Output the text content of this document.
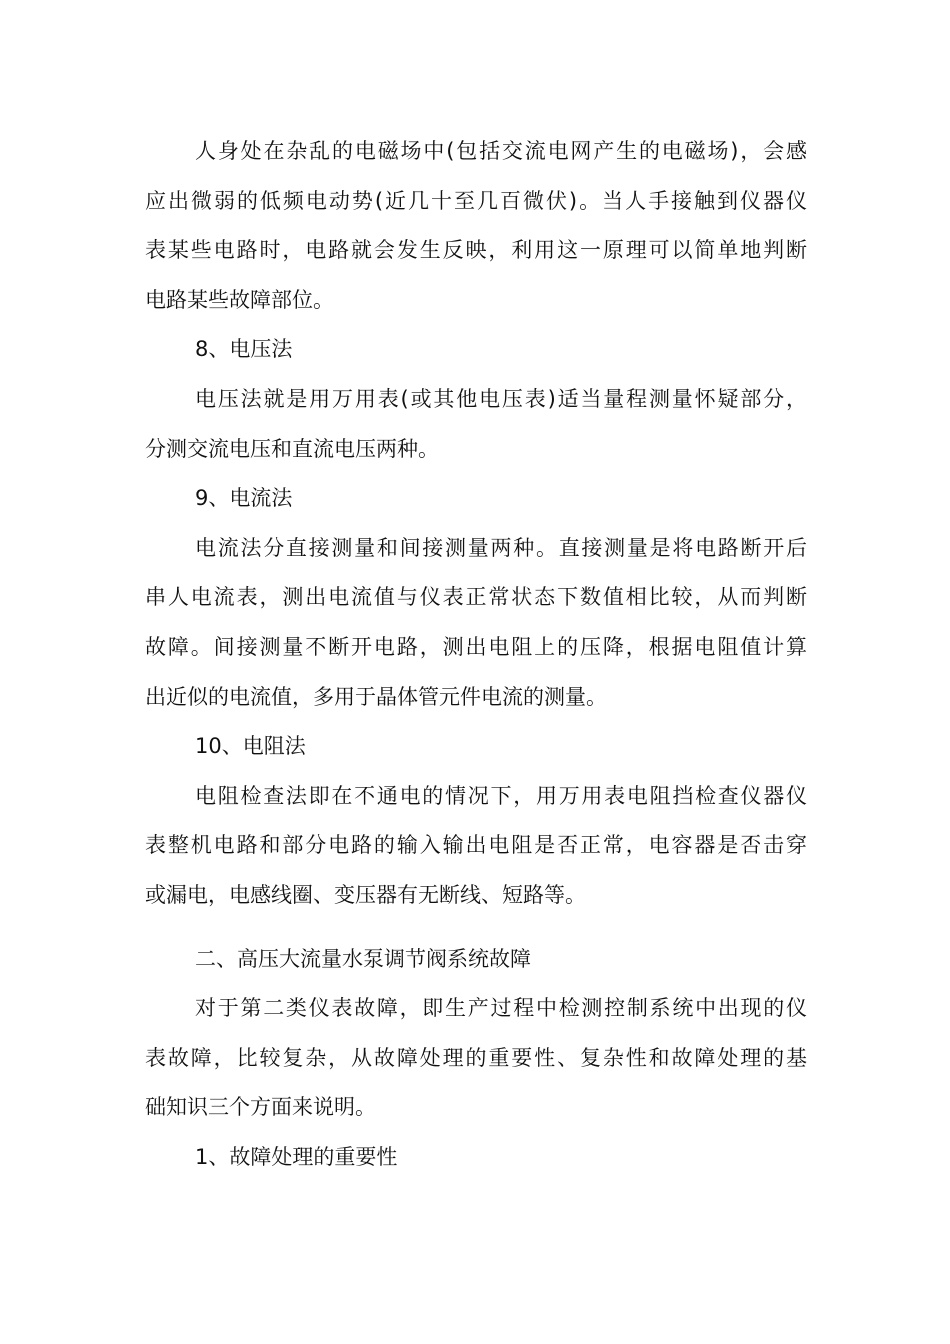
人身处在杂乱的电磁场中(包括交流电网产生的电磁场)，会感
应出微弱的低频电动势(近几十至几百微伏)。当人手接触到仪器仪
表某些电路时，电路就会发生反映，利用这一原理可以简单地判断
电路某些故障部位。
8、电压法
电压法就是用万用表(或其他电压表)适当量程测量怀疑部分，
分测交流电压和直流电压两种。
9、电流法
电流法分直接测量和间接测量两种。直接测量是将电路断开后
串人电流表，测出电流值与仪表正常状态下数值相比较，从而判断
故障。间接测量不断开电路，测出电阻上的压降，根据电阻值计算
出近似的电流值，多用于晶体管元件电流的测量。
10、电阻法
电阻检查法即在不通电的情况下，用万用表电阻挡检查仪器仪
表整机电路和部分电路的输入输出电阻是否正常，电容器是否击穿
或漏电，电感线圈、变压器有无断线、短路等。
二、高压大流量水泵调节阀系统故障
对于第二类仪表故障，即生产过程中检测控制系统中出现的仪
表故障，比较复杂，从故障处理的重要性、复杂性和故障处理的基
础知识三个方面来说明。
1、故障处理的重要性
